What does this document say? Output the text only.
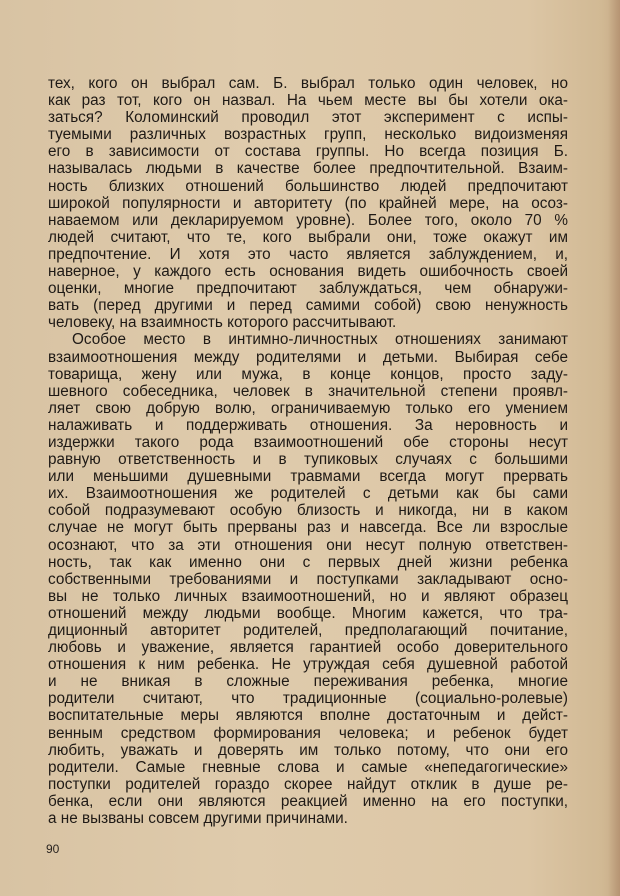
тех, кого он выбрал сам. Б. выбрал только один человек, но
как раз тот, кого он назвал. На чьем месте вы бы хотели ока-
заться? Коломинский проводил этот эксперимент с испы-
туемыми различных возрастных групп, несколько видоизменяя
его в зависимости от состава группы. Но всегда позиция Б.
называлась людьми в качестве более предпочтительной. Взаим-
ность близких отношений большинство людей предпочитают
широкой популярности и авторитету (по крайней мере, на осоз-
наваемом или декларируемом уровне). Более того, около 70 %
людей считают, что те, кого выбрали они, тоже окажут им
предпочтение. И хотя это часто является заблуждением, и,
наверное, у каждого есть основания видеть ошибочность своей
оценки, многие предпочитают заблуждаться, чем обнаружи-
вать (перед другими и перед самими собой) свою ненужность
человеку, на взаимность которого рассчитывают.
Особое место в интимно-личностных отношениях занимают
взаимоотношения между родителями и детьми. Выбирая себе
товарища, жену или мужа, в конце концов, просто заду-
шевного собеседника, человек в значительной степени проявл-
ляет свою добрую волю, ограничиваемую только его умением
налаживать и поддерживать отношения. За неровность и
издержки такого рода взаимоотношений обе стороны несут
равную ответственность и в тупиковых случаях с большими
или меньшими душевными травмами всегда могут прервать
их. Взаимоотношения же родителей с детьми как бы сами
собой подразумевают особую близость и никогда, ни в каком
случае не могут быть прерваны раз и навсегда. Все ли взрослые
осознают, что за эти отношения они несут полную ответствен-
ность, так как именно они с первых дней жизни ребенка
собственными требованиями и поступками закладывают осно-
вы не только личных взаимоотношений, но и являют образец
отношений между людьми вообще. Многим кажется, что тра-
диционный авторитет родителей, предполагающий почитание,
любовь и уважение, является гарантией особо доверительного
отношения к ним ребенка. Не утруждая себя душевной работой
и не вникая в сложные переживания ребенка, многие
родители считают, что традиционные (социально-ролевые)
воспитательные меры являются вполне достаточным и дейст-
венным средством формирования человека; и ребенок будет
любить, уважать и доверять им только потому, что они его
родители. Самые гневные слова и самые «непедагогические»
поступки родителей гораздо скорее найдут отклик в душе ре-
бенка, если они являются реакцией именно на его поступки,
а не вызваны совсем другими причинами.
90
